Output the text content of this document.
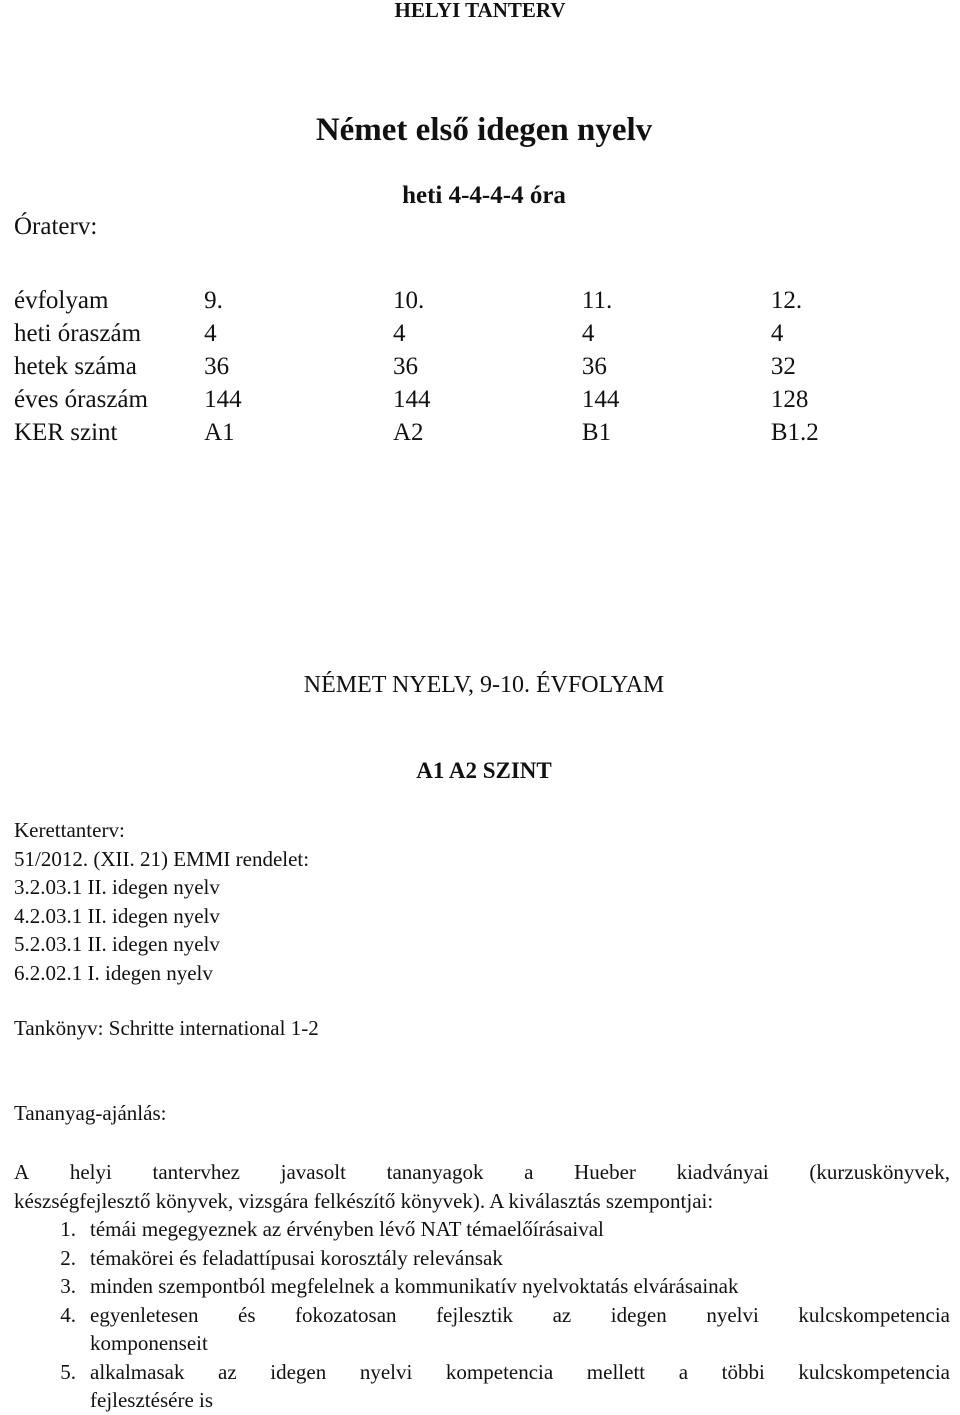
HELYI TANTERV
Német első idegen nyelv
heti 4-4-4-4 óra
Óraterv:
évfolyam	9.	10.	11.	12.
heti óraszám	4	4	4	4
hetek száma	36	36	36	32
éves óraszám	144	144	144	128
KER szint	A1	A2	B1	B1.2
NÉMET NYELV, 9-10. ÉVFOLYAM
A1 A2 SZINT
Kerettanterv:
51/2012. (XII. 21) EMMI rendelet:
3.2.03.1 II. idegen nyelv
4.2.03.1 II. idegen nyelv
5.2.03.1 II. idegen nyelv
6.2.02.1 I. idegen nyelv
Tankönyv: Schritte international 1-2
Tananyag-ajánlás:
A helyi tantervhez javasolt tananyagok a Hueber kiadványai (kurzuskönyvek,
készségfejlesztő könyvek, vizsgára felkészítő könyvek). A kiválasztás szempontjai:
1. témái megegyeznek az érvényben lévő NAT témaelőírásaival
2. témakörei és feladattípusai korosztály relevánsak
3. minden szempontból megfelelnek a kommunikatív nyelvoktatás elvárásainak
4. egyenletesen és fokozatosan fejlesztik az idegen nyelvi kulcskompetencia
komponenseit
5. alkalmasak az idegen nyelvi kompetencia mellett a többi kulcskompetencia
fejlesztésére is
